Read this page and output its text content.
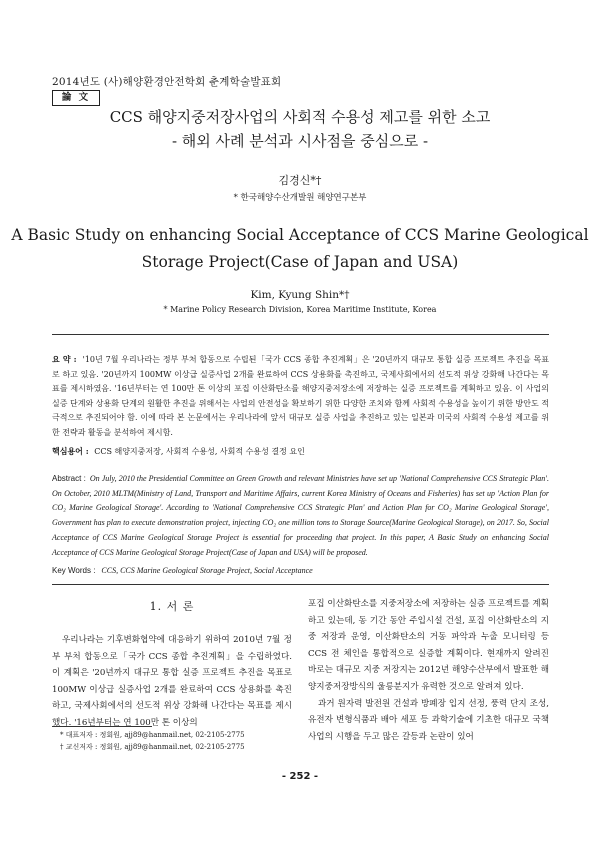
2014년도 (사)해양환경안전학회 춘계학술발표회
論 文
CCS 해양지중저장사업의 사회적 수용성 제고를 위한 소고
- 해외 사례 분석과 시사점을 중심으로 -
김경신*†
* 한국해양수산개발원 해양연구본부
A Basic Study on enhancing Social Acceptance of CCS Marine Geological
Storage Project(Case of Japan and USA)
Kim, Kyung Shin*†
* Marine Policy Research Division, Korea Maritime Institute, Korea
요 약 : '10년 7월 우리나라는 정부 부처 합동으로 수립된「국가 CCS 종합 추진계획」은 '20년까지 대규모 통합 실증 프로젝트 추진을 목표로 하고 있음. '20년까지 100MW 이상급 실증사업 2개를 완료하여 CCS 상용화를 촉진하고, 국제사회에서의 선도적 위상 강화해 나간다는 목표를 제시하였음. '16년부터는 연 100만 톤 이상의 포집 이산화탄소를 해양지중저장소에 저장하는 실증 프로젝트를 계획하고 있음. 이 사업의 실증 단계와 상용화 단계의 원활한 추진을 위해서는 사업의 안전성을 확보하기 위한 다양한 조치와 함께 사회적 수용성을 높이기 위한 방안도 적극적으로 추진되어야 함. 이에 따라 본 논문에서는 우리나라에 앞서 대규모 실증 사업을 추진하고 있는 일본과 미국의 사회적 수용성 제고를 위한 전략과 활동을 분석하여 제시함.
핵심용어 : CCS 해양지중저장, 사회적 수용성, 사회적 수용성 결정 요인
Abstract : On July, 2010 the Presidential Committee on Green Growth and relevant Ministries have set up 'National Comprehensive CCS Strategic Plan'. On October, 2010 MLTM(Ministry of Land, Transport and Maritime Affairs, current Korea Ministry of Oceans and Fisheries) has set up 'Action Plan for CO₂ Marine Geological Storage'. According to 'National Comprehensive CCS Strategic Plan' and Action Plan for CO₂ Marine Geological Storage', Government has plan to execute demonstration project, injecting CO₂ one million tons to Storage Source(Marine Geological Storage), on 2017. So, Social Acceptance of CCS Marine Geological Storage Project is essential for proceeding that project. In this paper, A Basic Study on enhancing Social Acceptance of CCS Marine Geological Storage Project(Case of Japan and USA) will be proposed.
Key Words : CCS, CCS Marine Geological Storage Project, Social Acceptance
1. 서 론
우리나라는 기후변화협약에 대응하기 위하여 2010년 7월 정부 부처 합동으로「국가 CCS 종합 추진계획」을 수립하였다. 이 계획은 '20년까지 대규모 통합 실증 프로젝트 추진을 목표로 100MW 이상급 실증사업 2개를 완료하여 CCS 상용화를 촉진하고, 국제사회에서의 선도적 위상 강화해 나간다는 목표를 제시했다. '16년부터는 연 100만 톤 이상의

포집 이산화탄소를 지중저장소에 저장하는 실증 프로젝트를 계획하고 있는데, 동 기간 동안 주입시설 건설, 포집 이산화탄소의 지중 저장과 운영, 이산화탄소의 거동 파악과 누출 모니터링 등 CCS 전 체인을 통합적으로 실증할 계획이다. 현재까지 알려진 바로는 대규모 지중 저장지는 2012년 해양수산부에서 발표한 해양지중저장방식의 울릉분지가 유력한 것으로 알려져 있다.

과거 원자력 발전원 건설과 방폐장 입지 선정, 풍력 단지 조성, 유전자 변형식품과 배아 세포 등 과학기술에 기초한 대규모 국책사업의 시행을 두고 많은 갈등과 논란이 있어

* 대표저자 : 정회원, ajj89@hanmail.net, 02-2105-2775
† 교신저자 : 정회원, ajj89@hanmail.net, 02-2105-2775
- 252 -
